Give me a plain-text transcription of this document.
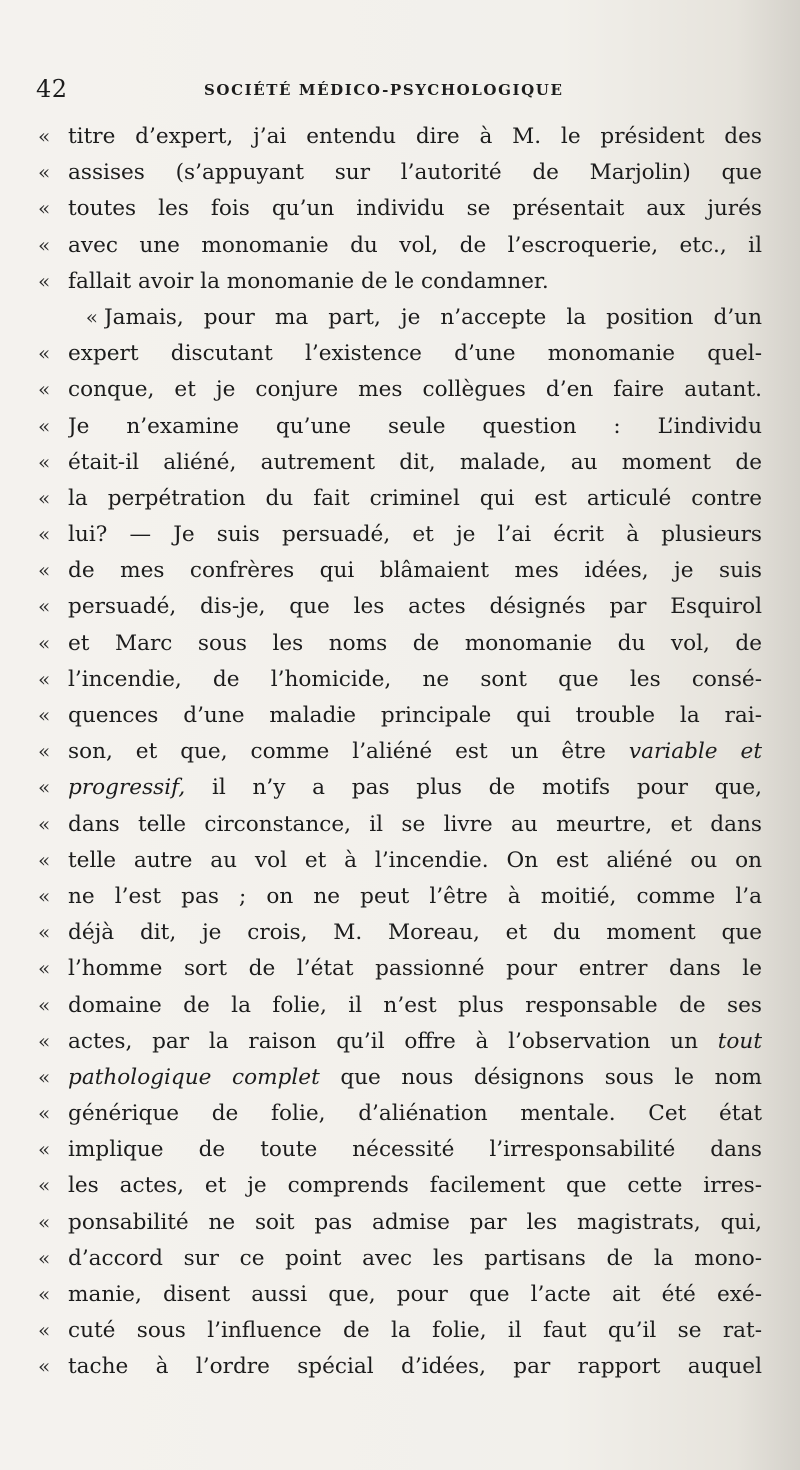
42	SOCIÉTÉ MÉDICO-PSYCHOLOGIQUE
« titre d’expert, j’ai entendu dire à M. le président des
« assises (s’appuyant sur l’autorité de Marjolin) que
« toutes les fois qu’un individu se présentait aux jurés
« avec une monomanie du vol, de l’escroquerie, etc., il
« fallait avoir la monomanie de le condamner.
« Jamais, pour ma part, je n’accepte la position d’un
« expert discutant l’existence d’une monomanie quel-
« conque, et je conjure mes collègues d’en faire autant.
« Je n’examine qu’une seule question : L’individu
« était-il aliéné, autrement dit, malade, au moment de
« la perpétration du fait criminel qui est articulé contre
« lui? — Je suis persuadé, et je l’ai écrit à plusieurs
« de mes confrères qui blâmaient mes idées, je suis
« persuadé, dis-je, que les actes désignés par Esquirol
« et Marc sous les noms de monomanie du vol, de
« l’incendie, de l’homicide, ne sont que les consé-
« quences d’une maladie principale qui trouble la rai-
« son, et que, comme l’aliéné est un être variable et
« progressif, il n’y a pas plus de motifs pour que,
« dans telle circonstance, il se livre au meurtre, et dans
« telle autre au vol et à l’incendie. On est aliéné ou on
« ne l’est pas ; on ne peut l’être à moitié, comme l’a
« déjà dit, je crois, M. Moreau, et du moment que
« l’homme sort de l’état passionné pour entrer dans le
« domaine de la folie, il n’est plus responsable de ses
« actes, par la raison qu’il offre à l’observation un tout
« pathologique complet que nous désignons sous le nom
« générique de folie, d’aliénation mentale. Cet état
« implique de toute nécessité l’irresponsabilité dans
« les actes, et je comprends facilement que cette irres-
« ponsabilité ne soit pas admise par les magistrats, qui,
« d’accord sur ce point avec les partisans de la mono-
« manie, disent aussi que, pour que l’acte ait été exé-
« cuté sous l’influence de la folie, il faut qu’il se rat-
« tache à l’ordre spécial d’idées, par rapport auquel
